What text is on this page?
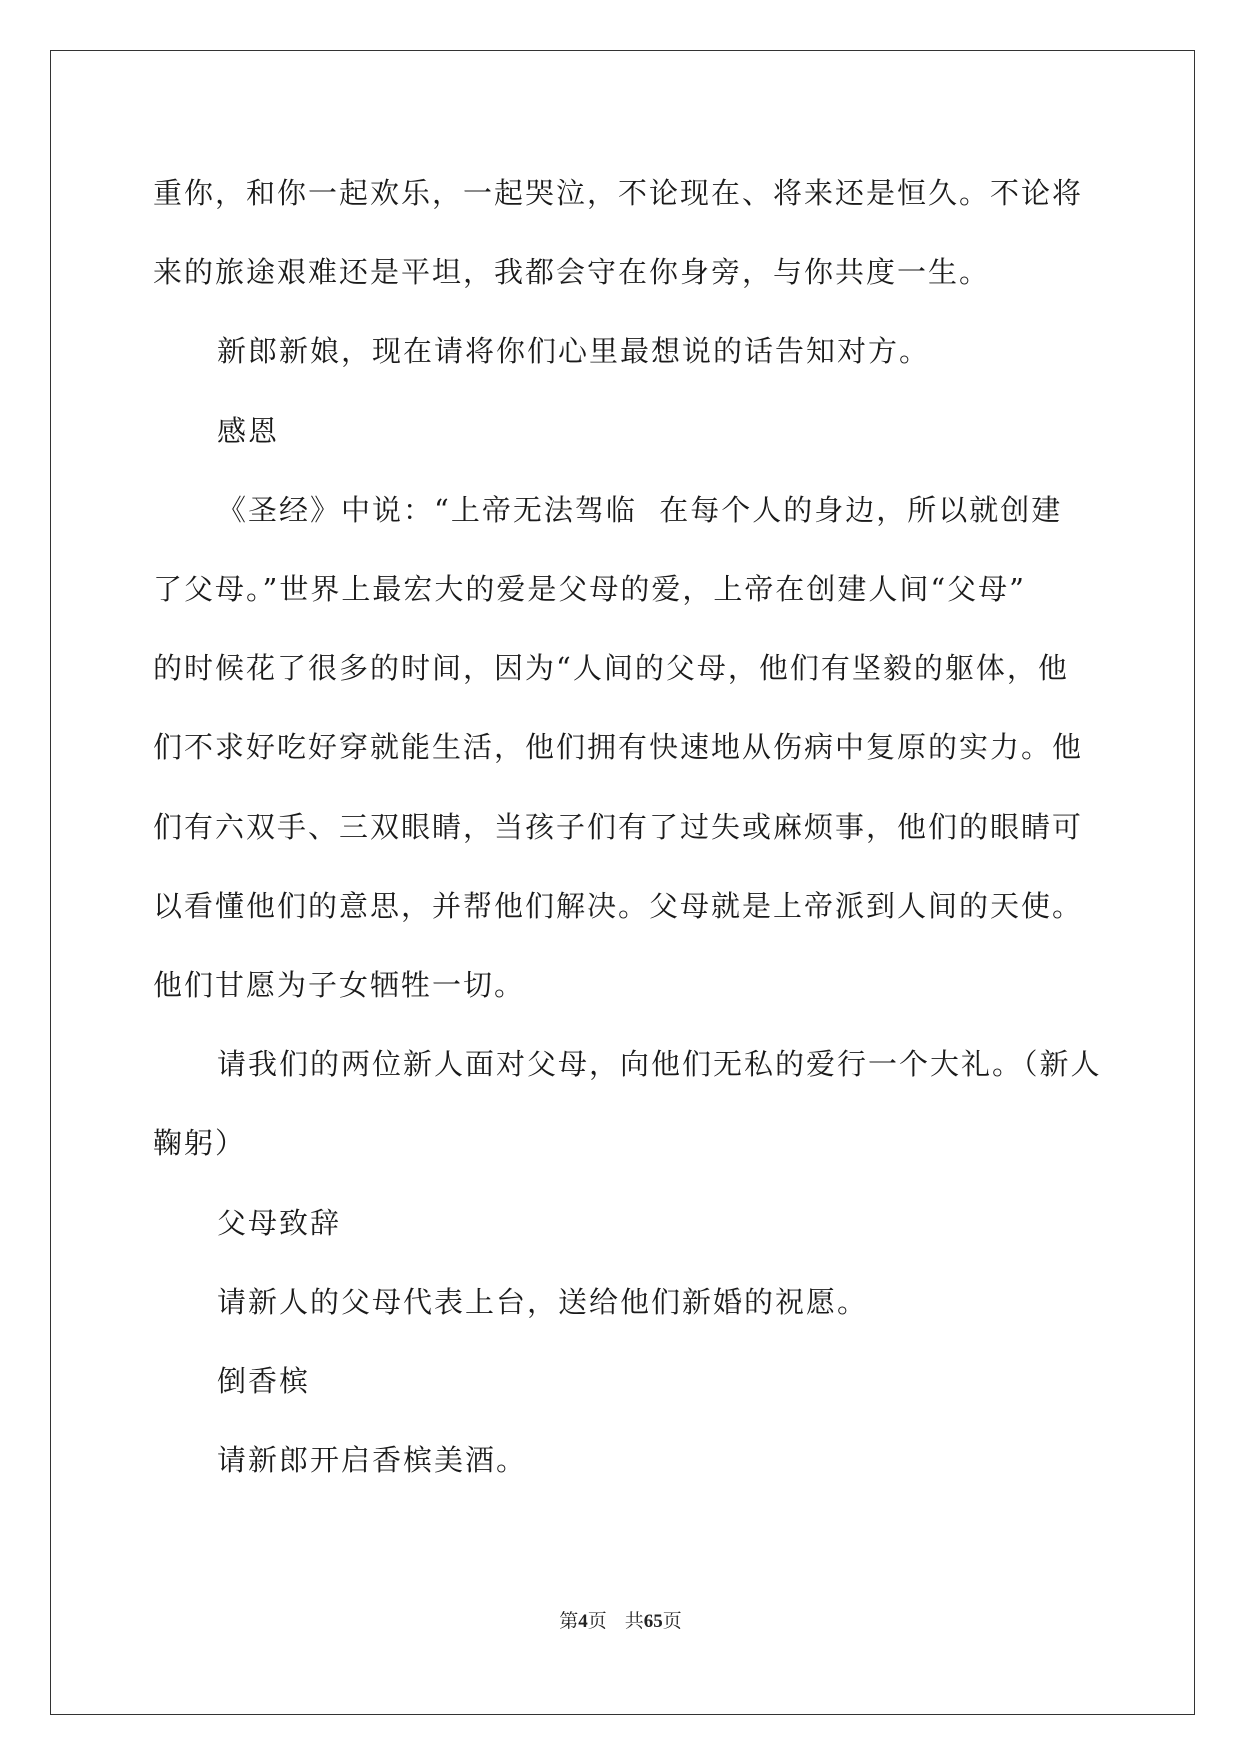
重你，和你一起欢乐，一起哭泣，不论现在、将来还是恒久。不论将

来的旅途艰难还是平坦，我都会守在你身旁，与你共度一生。

新郎新娘，现在请将你们心里最想说的话告知对方。

感恩

《圣经》中说：“上帝无法驾临  在每个人的身边，所以就创建

了父母。”世界上最宏大的爱是父母的爱，上帝在创建人间“父母”

的时候花了很多的时间，因为“人间的父母，他们有坚毅的躯体，他

们不求好吃好穿就能生活，他们拥有快速地从伤病中复原的实力。他

们有六双手、三双眼睛，当孩子们有了过失或麻烦事，他们的眼睛可

以看懂他们的意思，并帮他们解决。父母就是上帝派到人间的天使。

他们甘愿为子女牺牲一切。

请我们的两位新人面对父母，向他们无私的爱行一个大礼。（新人

鞠躬）

父母致辞

请新人的父母代表上台，送给他们新婚的祝愿。

倒香槟

请新郎开启香槟美酒。

第4页 共65页
